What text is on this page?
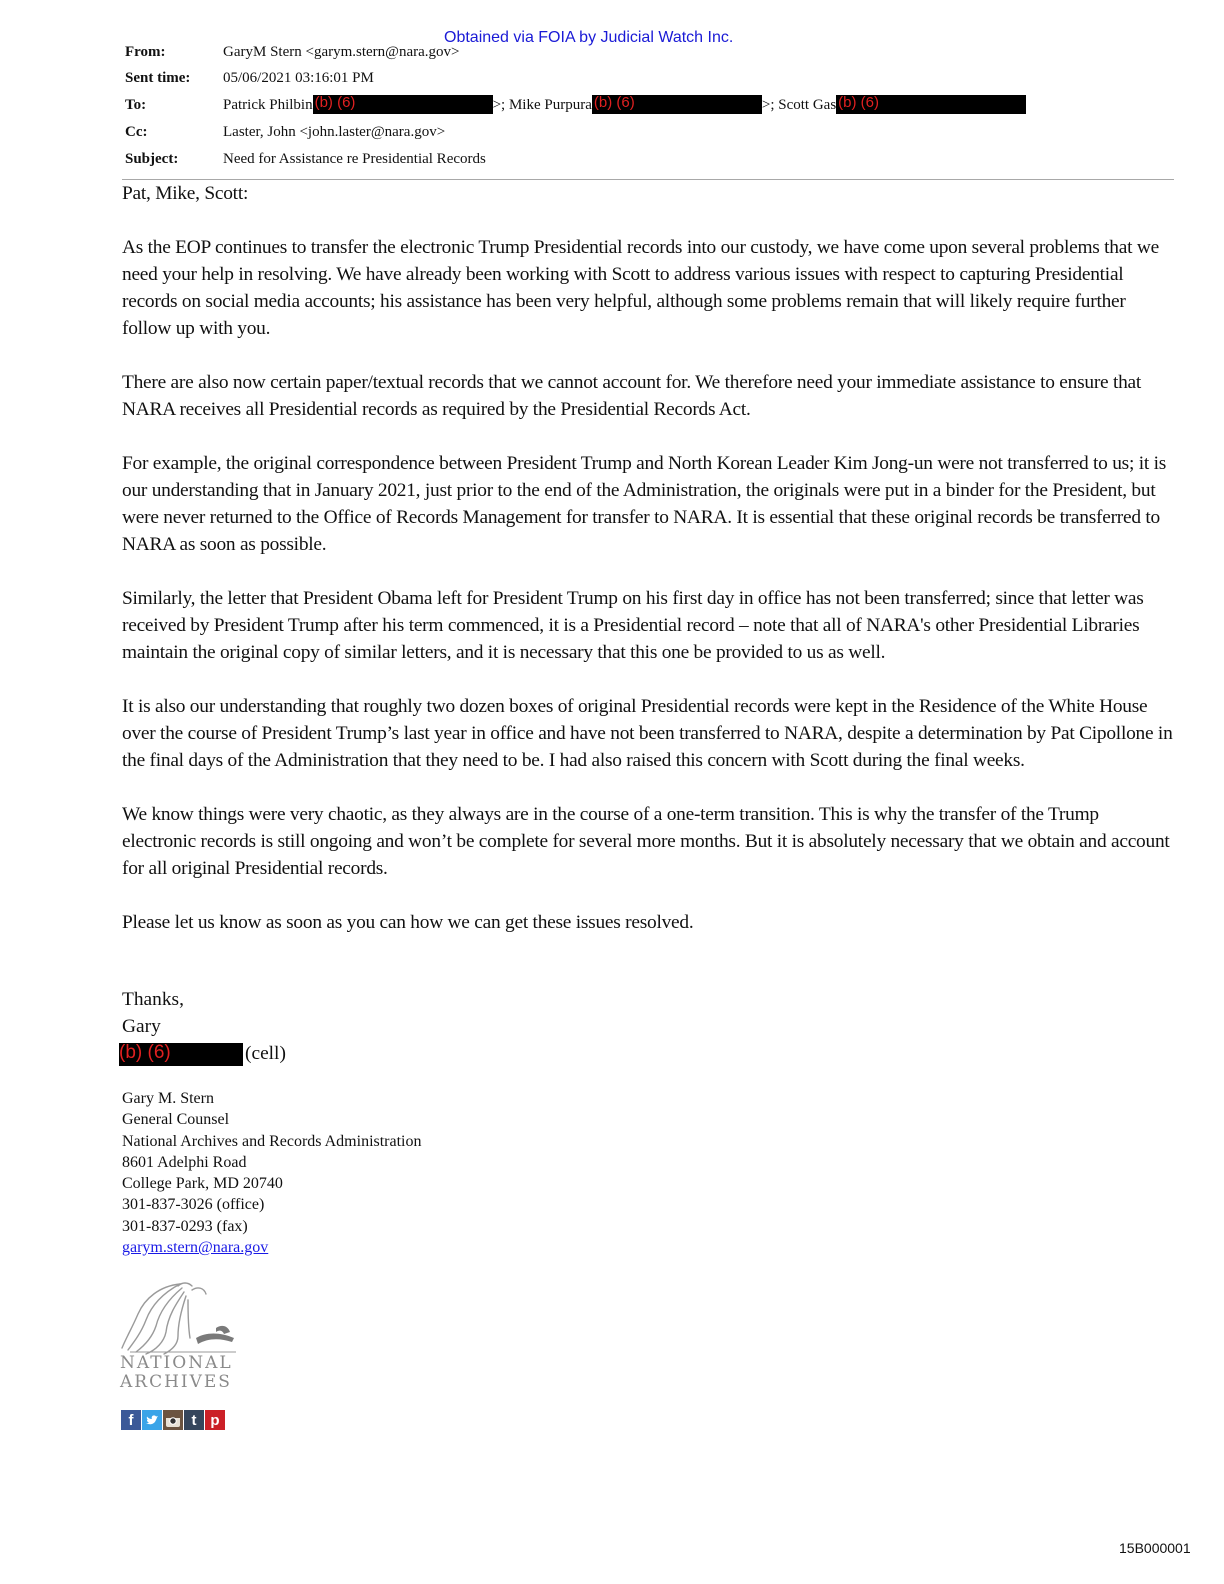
Obtained via FOIA by Judicial Watch Inc.
From:	GaryM Stern <garym.stern@nara.gov>
Sent time: 05/06/2021 03:16:01 PM
To:	Patrick Philbin (b) (6)	>; Mike Purpura (b) (6)	>; Scott Gas (b) (6)
Cc:	Laster, John <john.laster@nara.gov>
Subject:	Need for Assistance re Presidential Records

Pat, Mike, Scott:

As the EOP continues to transfer the electronic Trump Presidential records into our custody, we have come upon several problems that we need your help in resolving. We have already been working with Scott to address various issues with respect to capturing Presidential records on social media accounts; his assistance has been very helpful, although some problems remain that will likely require further follow up with you.

There are also now certain paper/textual records that we cannot account for. We therefore need your immediate assistance to ensure that NARA receives all Presidential records as required by the Presidential Records Act.

For example, the original correspondence between President Trump and North Korean Leader Kim Jong-un were not transferred to us; it is our understanding that in January 2021, just prior to the end of the Administration, the originals were put in a binder for the President, but were never returned to the Office of Records Management for transfer to NARA. It is essential that these original records be transferred to NARA as soon as possible.

Similarly, the letter that President Obama left for President Trump on his first day in office has not been transferred; since that letter was received by President Trump after his term commenced, it is a Presidential record – note that all of NARA's other Presidential Libraries maintain the original copy of similar letters, and it is necessary that this one be provided to us as well.

It is also our understanding that roughly two dozen boxes of original Presidential records were kept in the Residence of the White House over the course of President Trump’s last year in office and have not been transferred to NARA, despite a determination by Pat Cipollone in the final days of the Administration that they need to be. I had also raised this concern with Scott during the final weeks.

We know things were very chaotic, as they always are in the course of a one-term transition. This is why the transfer of the Trump electronic records is still ongoing and won’t be complete for several more months. But it is absolutely necessary that we obtain and account for all original Presidential records.

Please let us know as soon as you can how we can get these issues resolved.

Thanks,
Gary
(b) (6)	(cell)
Gary M. Stern
General Counsel
National Archives and Records Administration
8601 Adelphi Road
College Park, MD 20740
301-837-3026 (office)
301-837-0293 (fax)
garym.stern@nara.gov
NATIONAL
ARCHIVES
f	t p
15B000001
